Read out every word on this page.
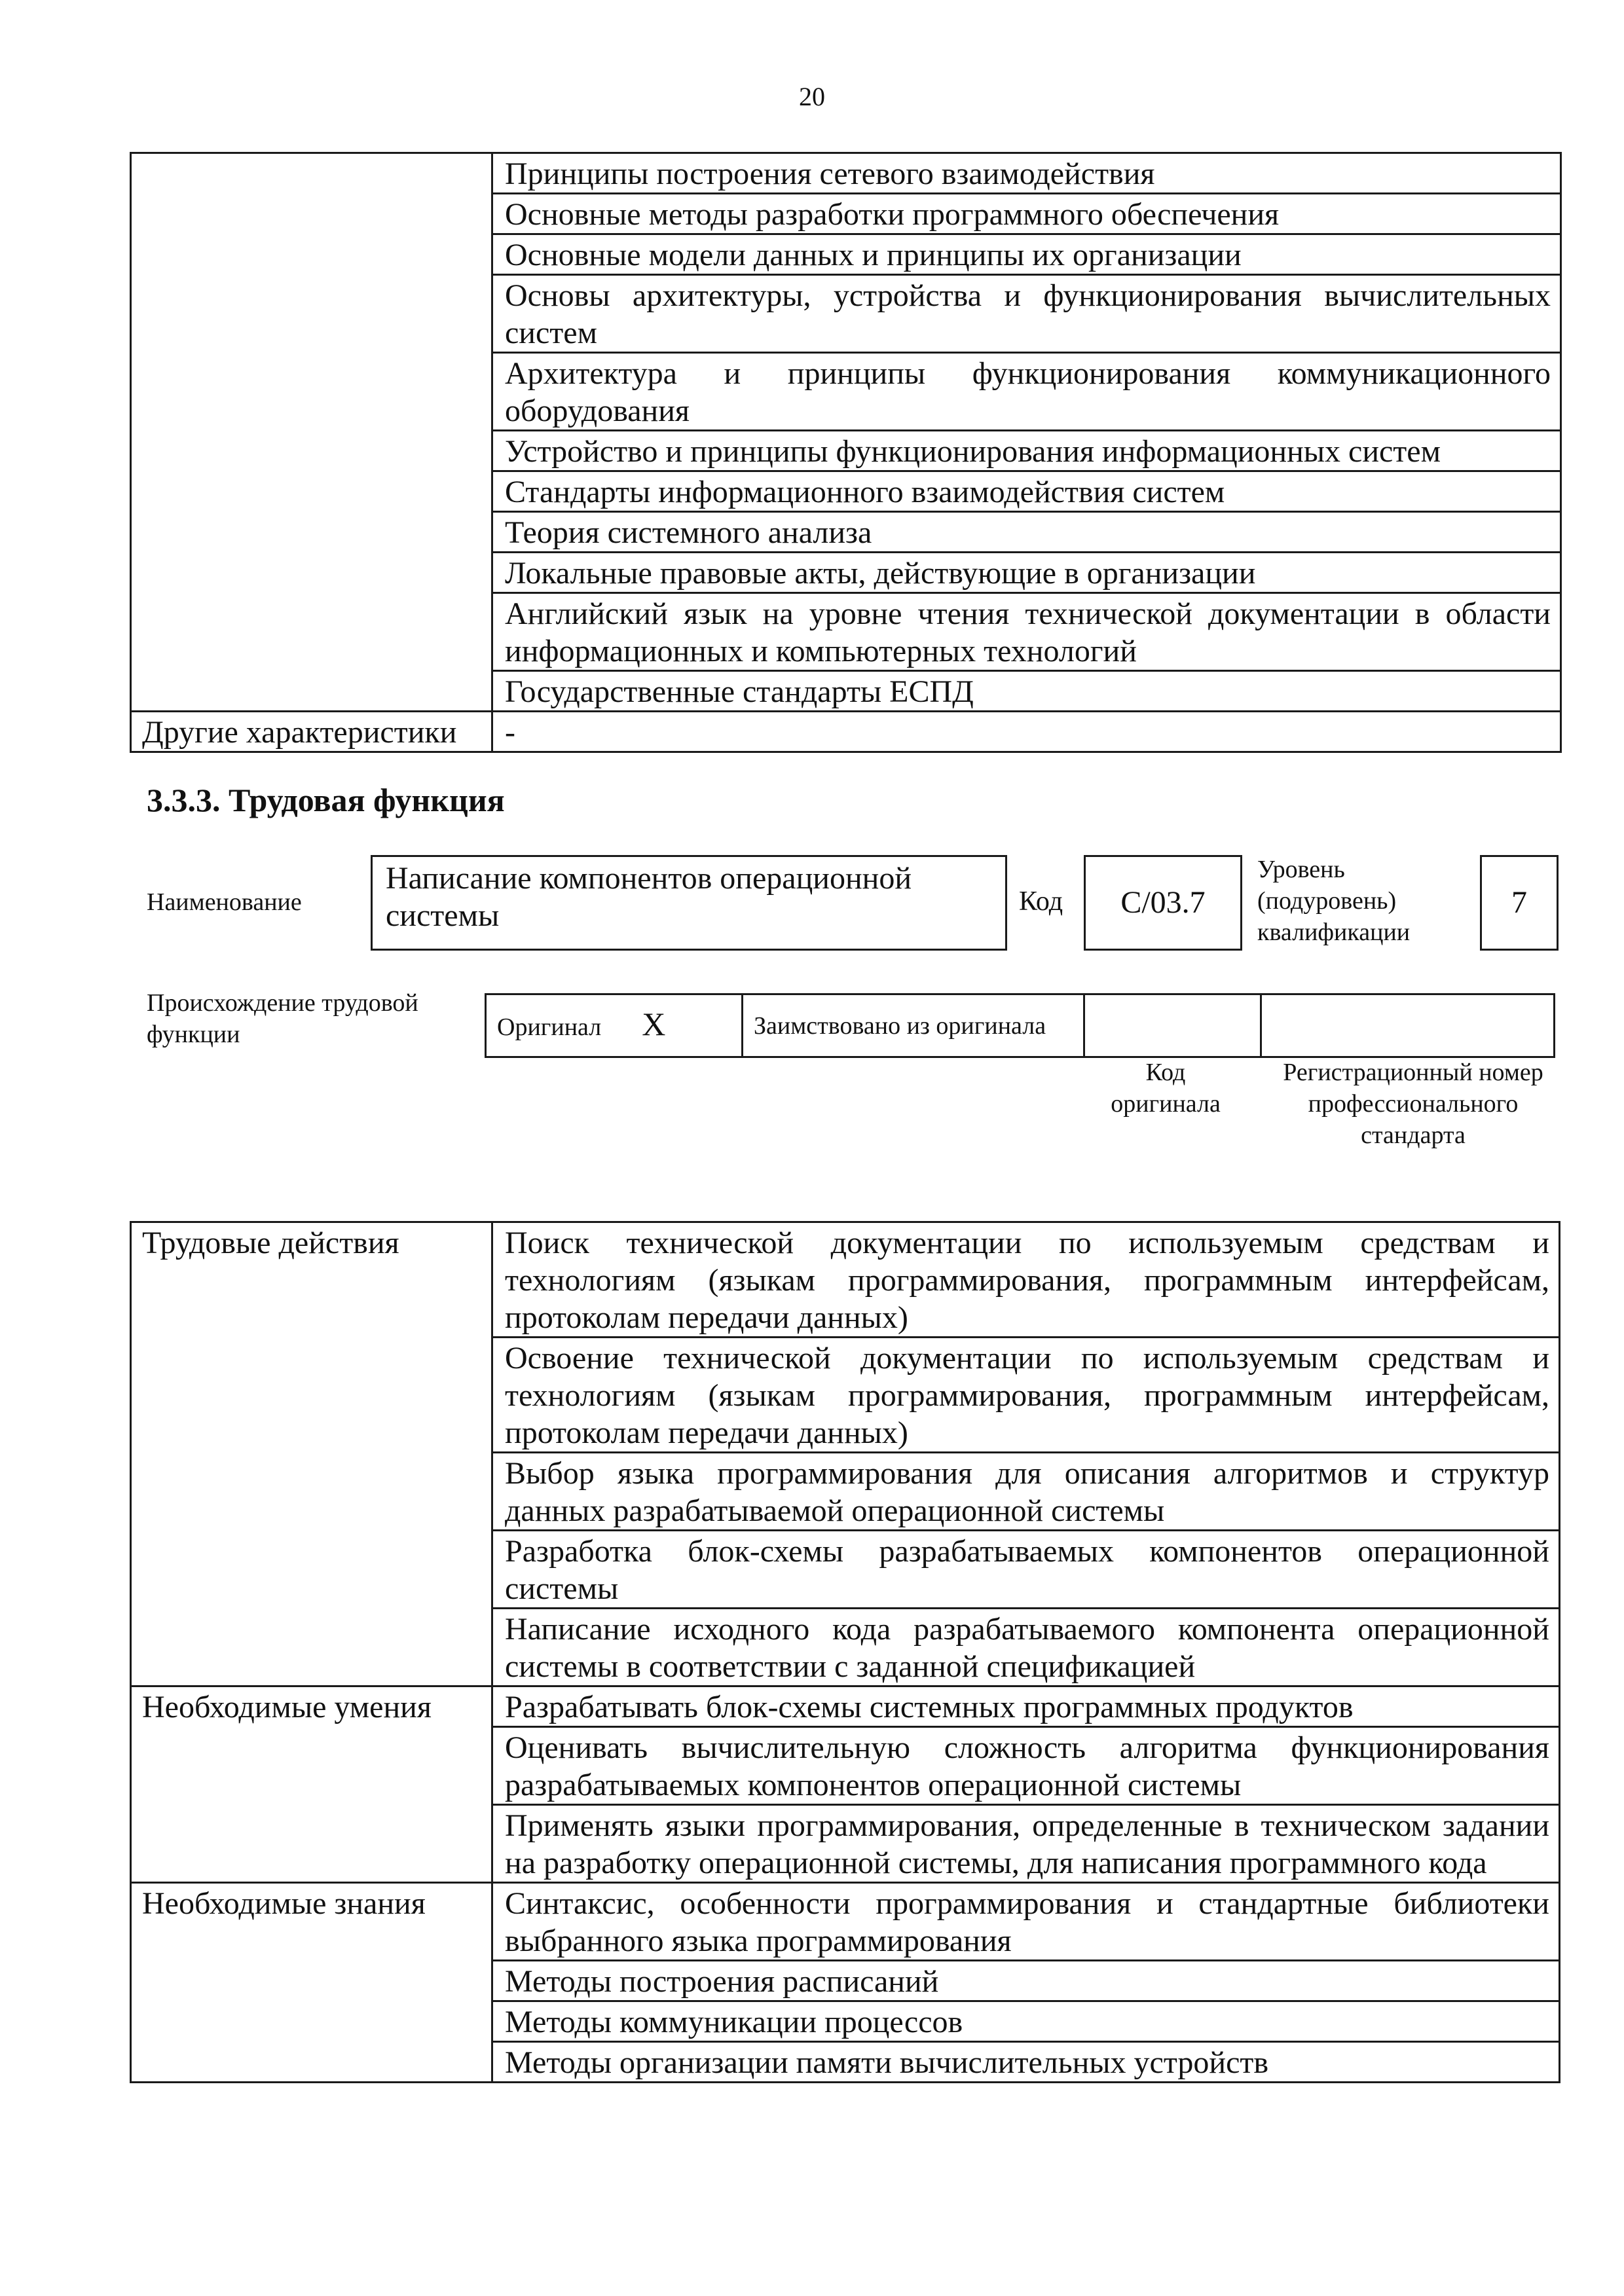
20
	Принципы построения сетевого взаимодействия
	Основные методы разработки программного обеспечения
	Основные модели данных и принципы их организации
	Основы архитектуры, устройства и функционирования вычислительных систем
	Архитектура и принципы функционирования коммуникационного оборудования
	Устройство и принципы функционирования информационных систем
	Стандарты информационного взаимодействия систем
	Теория системного анализа
	Локальные правовые акты, действующие в организации
	Английский язык на уровне чтения технической документации в области информационных и компьютерных технологий
	Государственные стандарты ЕСПД
Другие характеристики	-
3.3.3. Трудовая функция
Наименование
Написание компонентов операционной системы	Код	C/03.7
Уровень (подуровень) квалификации
7
Происхождение трудовой функции	Оригинал X	Заимствовано из оригинала		
Код оригинала
Регистрационный номер профессионального стандарта
Трудовые действия	Поиск технической документации по используемым средствам и технологиям (языкам программирования, программным интерфейсам, протоколам передачи данных)
	Освоение технической документации по используемым средствам и технологиям (языкам программирования, программным интерфейсам, протоколам передачи данных)
	Выбор языка программирования для описания алгоритмов и структур данных разрабатываемой операционной системы
	Разработка блок-схемы разрабатываемых компонентов операционной системы
	Написание исходного кода разрабатываемого компонента операционной системы в соответствии с заданной спецификацией
Необходимые умения	Разрабатывать блок-схемы системных программных продуктов
	Оценивать вычислительную сложность алгоритма функционирования разрабатываемых компонентов операционной системы
	Применять языки программирования, определенные в техническом задании на разработку операционной системы, для написания программного кода
Необходимые знания	Синтаксис, особенности программирования и стандартные библиотеки выбранного языка программирования
	Методы построения расписаний
	Методы коммуникации процессов
	Методы организации памяти вычислительных устройств
